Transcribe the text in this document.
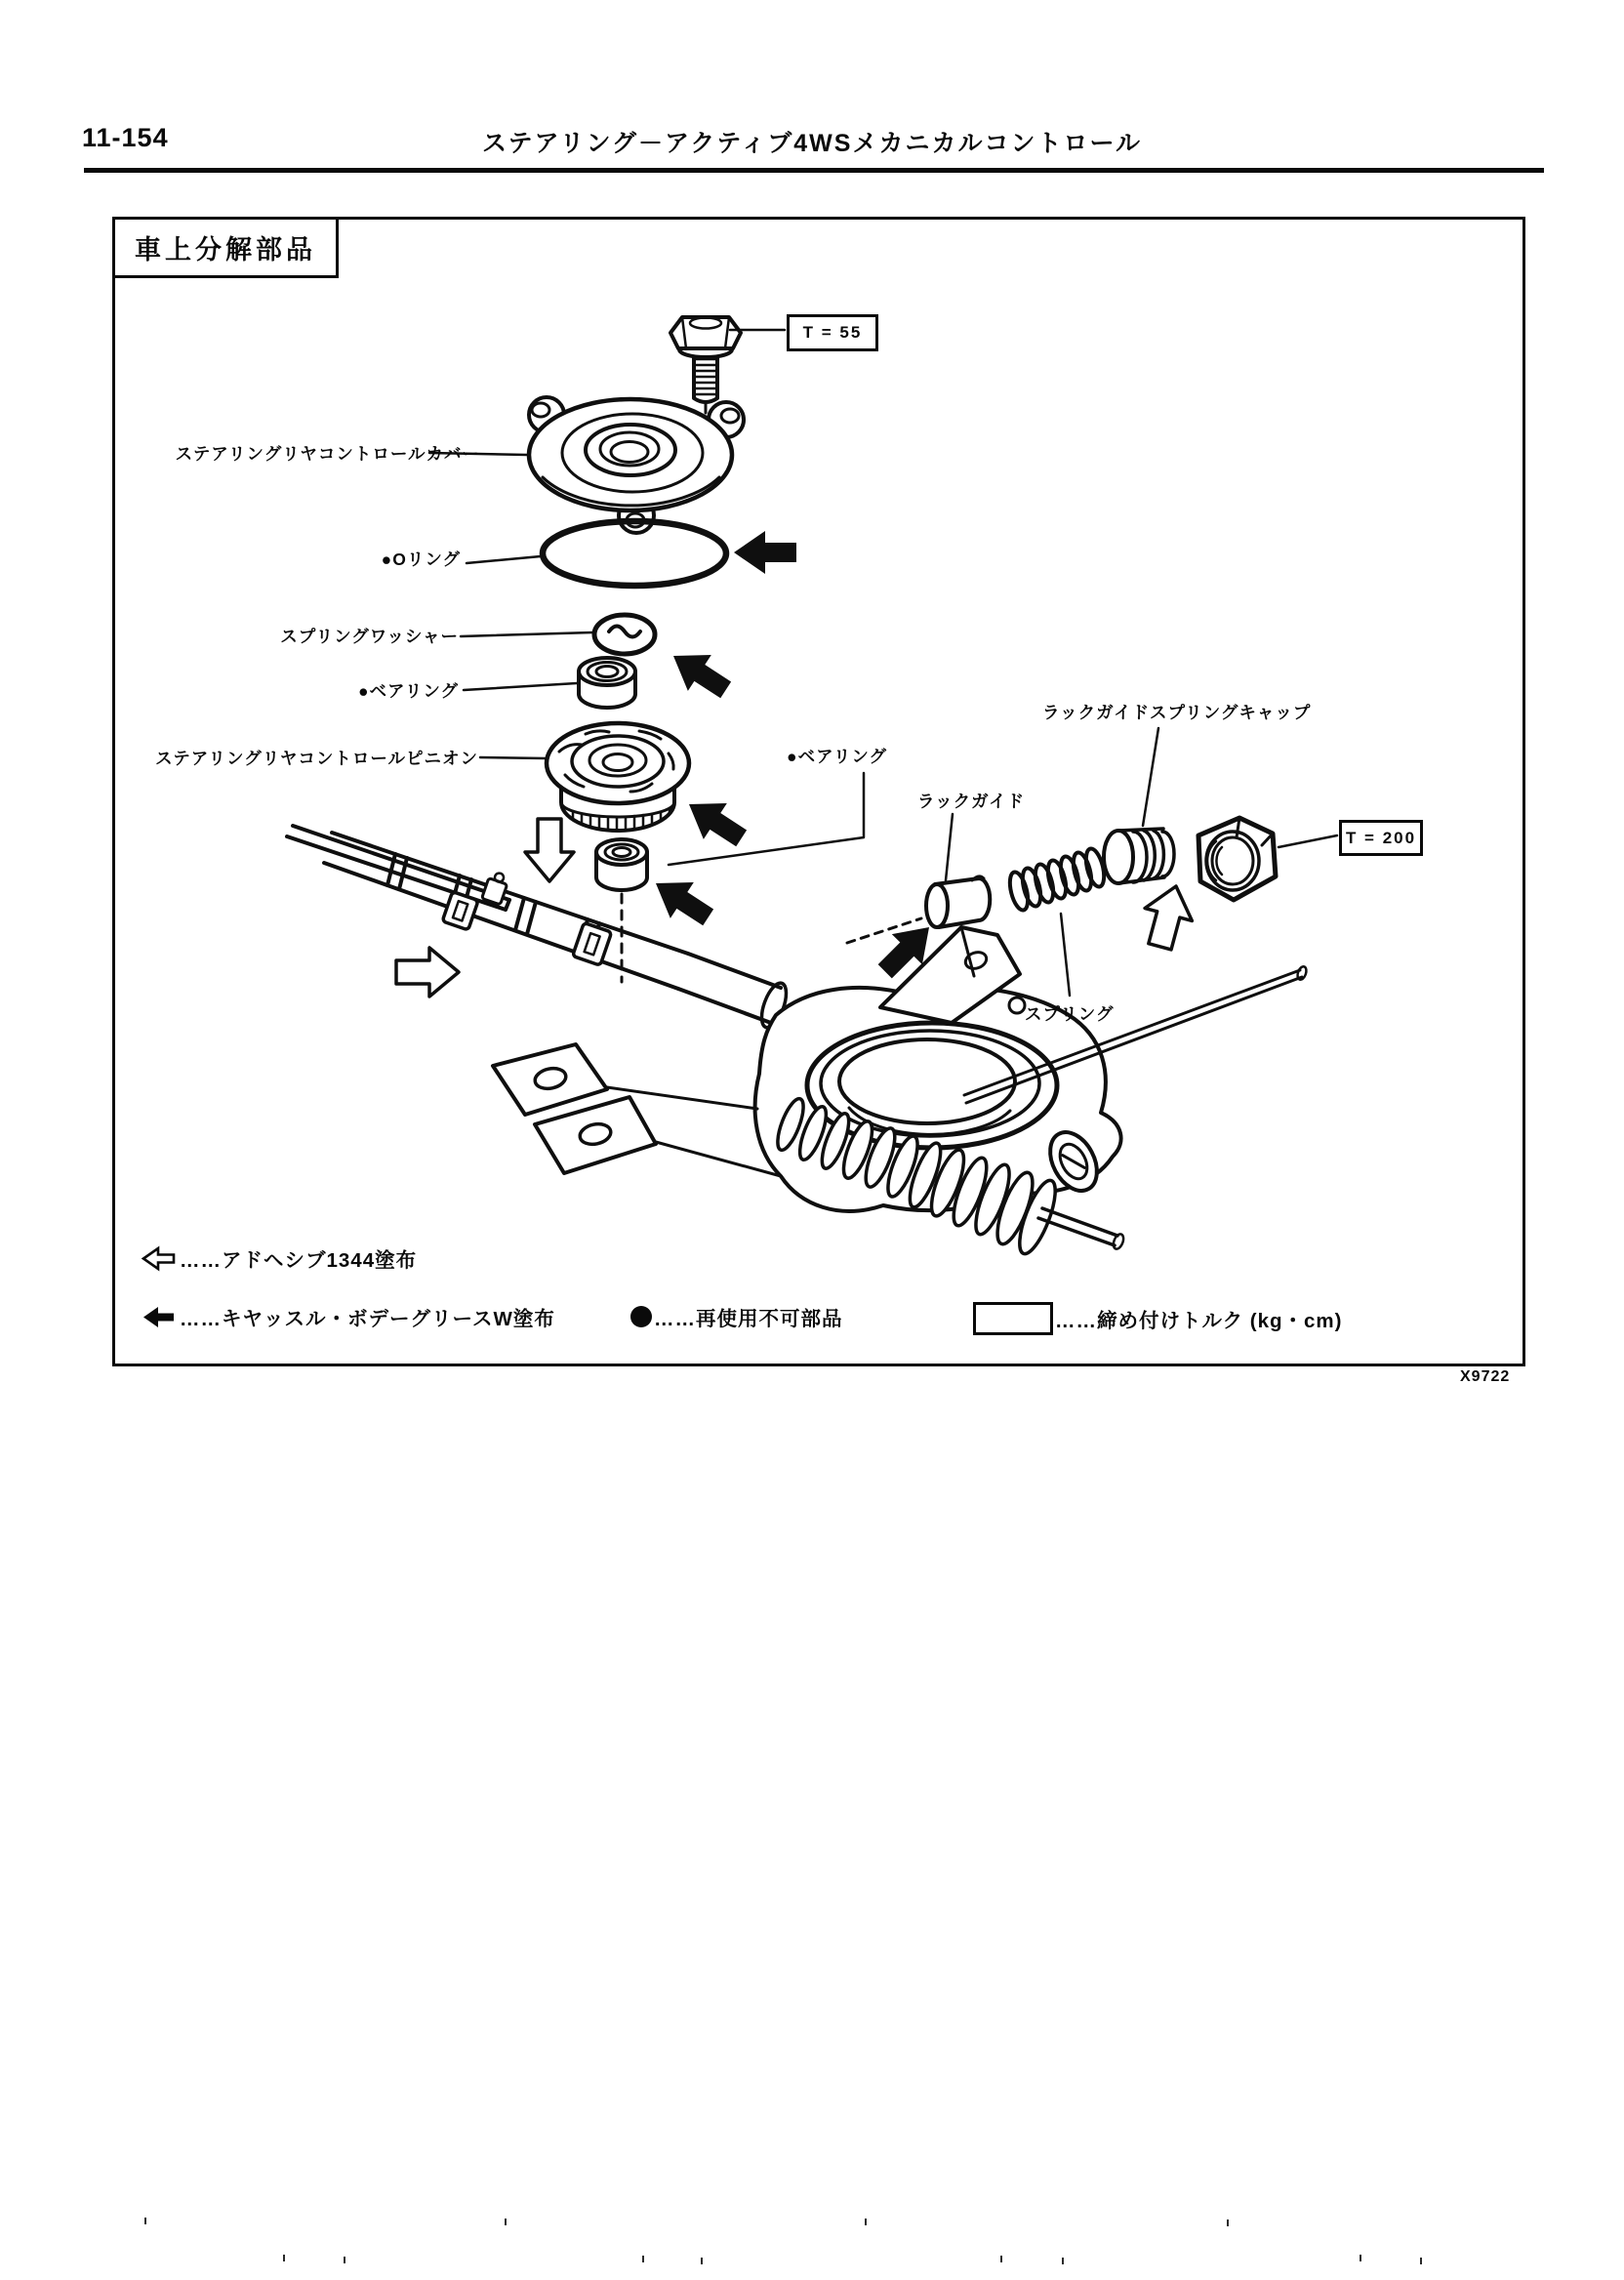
11-154	ステアリング－アクティブ4WSメカニカルコントロール
車上分解部品
T = 55
T = 200
ステアリングリヤコントロールカバー
●Oリング
スプリングワッシャー
●ベアリング
ステアリングリヤコントロールピニオン	●ベアリング
ラックガイドスプリングキャップ
ラックガイド
スプリング
……アドヘシブ1344塗布
……キヤッスル・ボデーグリースW塗布	……再使用不可部品	……締め付けトルク (kg・cm)
X9722
